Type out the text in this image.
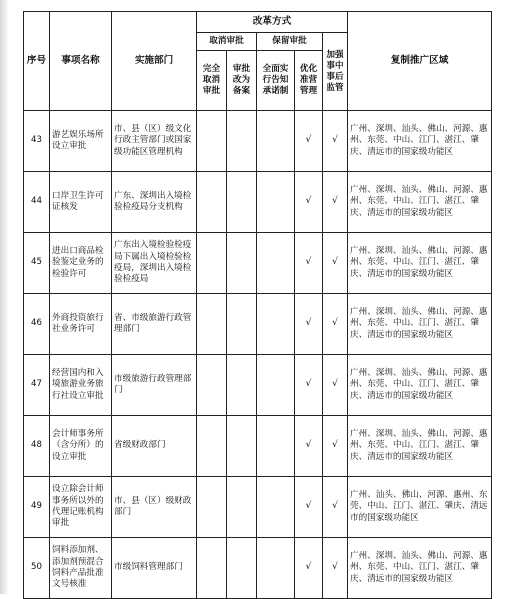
序号	事项名称	实施部门	改革方式					复制推广区域
			取消审批		保留审批		加强事中事后监管	
			完全取消审批	审批改为备案	全面实行告知承诺制	优化准营管理		
43	游艺娱乐场所设立审批	市、县（区）级文化行政主管部门或国家级功能区管理机构				√	√	广州、深圳、汕头、佛山、河源、惠州、东莞、中山、江门、湛江、肇庆、清远市的国家级功能区
44	口岸卫生许可证核发	广东、深圳出入境检验检疫局分支机构				√	√	广州、深圳、汕头、佛山、河源、惠州、东莞、中山、江门、湛江、肇庆、清远市的国家级功能区
45	进出口商品检验鉴定业务的检验许可	广东出入境检验检疫局下属出入境检验检疫局，深圳出入境检验检疫局				√	√	广州、深圳、汕头、佛山、河源、惠州、东莞、中山、江门、湛江、肇庆、清远市的国家级功能区
46	外商投资旅行社业务许可	省、市级旅游行政管理部门				√	√	广州、深圳、汕头、佛山、河源、惠州、东莞、中山、江门、湛江、肇庆、清远市的国家级功能区
47	经营国内和入境旅游业务旅行社设立审批	市级旅游行政管理部门				√	√	广州、深圳、汕头、佛山、河源、惠州、东莞、中山、江门、湛江、肇庆、清远市的国家级功能区
48	会计师事务所（含分所）的设立审批	省级财政部门				√	√	广州、深圳、汕头、佛山、河源、惠州、东莞、中山、江门、湛江、肇庆、清远市的国家级功能区
49	设立除会计师事务所以外的代理记账机构审批	市、县（区）级财政部门				√	√	广州、汕头、佛山、河源、惠州、东莞、中山、江门、湛江、肇庆、清远市的国家级功能区
50	饲料添加剂、添加剂预混合饲料产品批准文号核准	市级饲料管理部门				√	√	广州、深圳、汕头、佛山、河源、惠州、东莞、中山、江门、湛江、肇庆、清远市的国家级功能区
